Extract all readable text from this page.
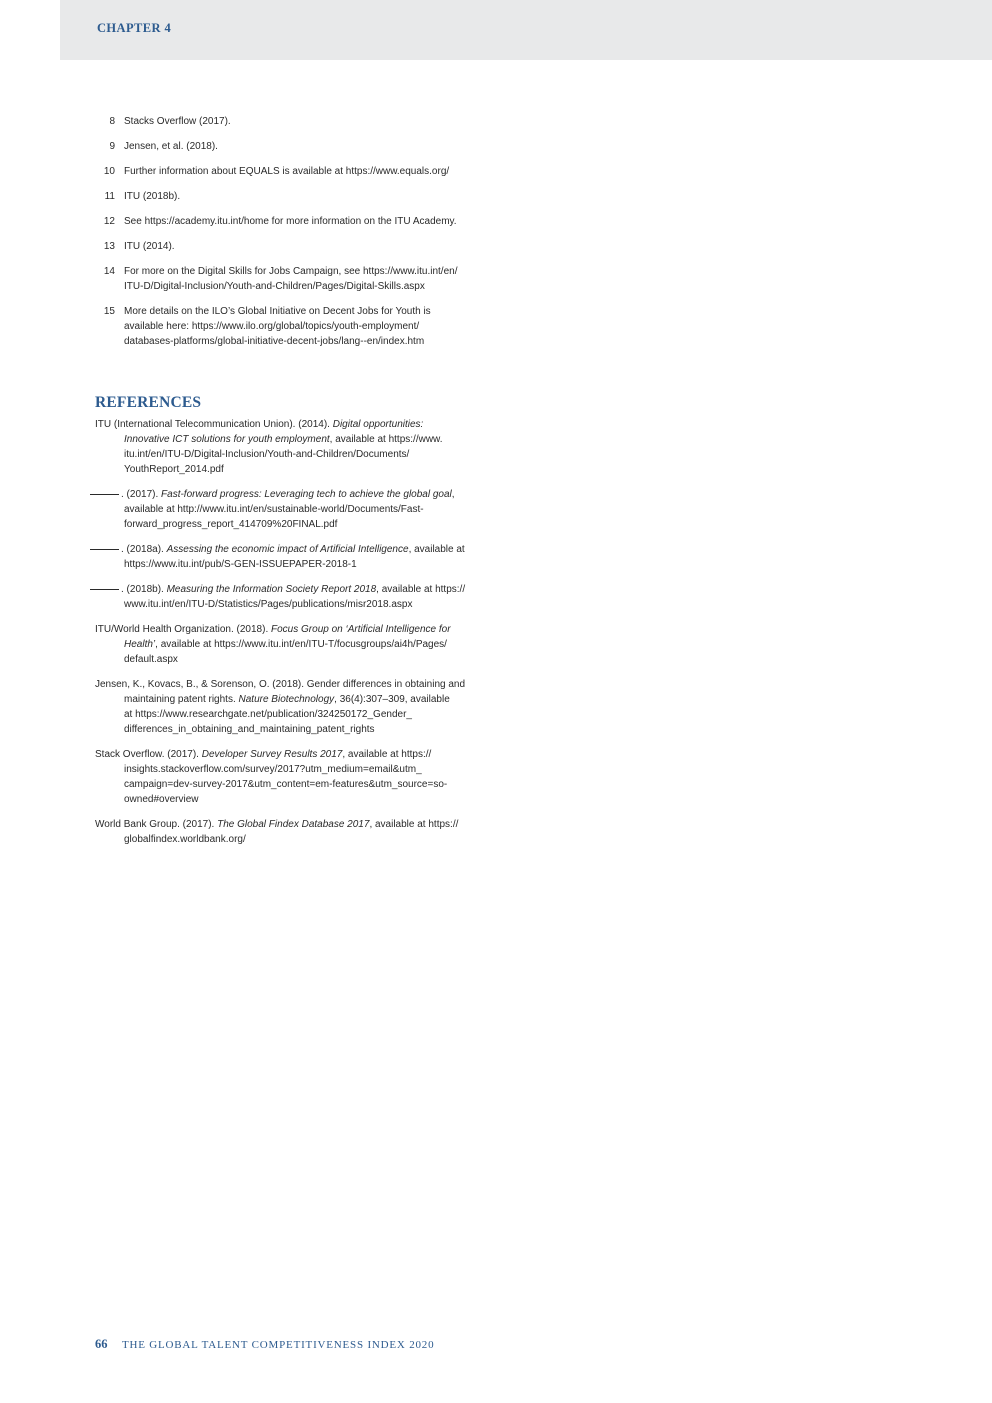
CHAPTER 4
8 Stacks Overflow (2017).
9 Jensen, et al. (2018).
10 Further information about EQUALS is available at https://www.equals.org/
11 ITU (2018b).
12 See https://academy.itu.int/home for more information on the ITU Academy.
13 ITU (2014).
14 For more on the Digital Skills for Jobs Campaign, see https://www.itu.int/en/
ITU-D/Digital-Inclusion/Youth-and-Children/Pages/Digital-Skills.aspx
15 More details on the ILO’s Global Initiative on Decent Jobs for Youth is
available here: https://www.ilo.org/global/topics/youth-employment/
databases-platforms/global-initiative-decent-jobs/lang--en/index.htm
REFERENCES
ITU (International Telecommunication Union). (2014). Digital opportunities:
Innovative ICT solutions for youth employment, available at https://www.
itu.int/en/ITU-D/Digital-Inclusion/Youth-and-Children/Documents/
YouthReport_2014.pdf
. (2017). Fast-forward progress: Leveraging tech to achieve the global goal,
available at http://www.itu.int/en/sustainable-world/Documents/Fast-
forward_progress_report_414709%20FINAL.pdf
. (2018a). Assessing the economic impact of Artificial Intelligence, available at
https://www.itu.int/pub/S-GEN-ISSUEPAPER-2018-1
. (2018b). Measuring the Information Society Report 2018, available at https://
www.itu.int/en/ITU-D/Statistics/Pages/publications/misr2018.aspx
ITU/World Health Organization. (2018). Focus Group on ‘Artificial Intelligence for
Health’, available at https://www.itu.int/en/ITU-T/focusgroups/ai4h/Pages/
default.aspx
Jensen, K., Kovacs, B., & Sorenson, O. (2018). Gender differences in obtaining and
maintaining patent rights. Nature Biotechnology, 36(4):307–309, available
at https://www.researchgate.net/publication/324250172_Gender_
differences_in_obtaining_and_maintaining_patent_rights
Stack Overflow. (2017). Developer Survey Results 2017, available at https://
insights.stackoverflow.com/survey/2017?utm_medium=email&utm_
campaign=dev-survey-2017&utm_content=em-features&utm_source=so-
owned#overview
World Bank Group. (2017). The Global Findex Database 2017, available at https://
globalfindex.worldbank.org/
66 THE GLOBAL TALENT COMPETITIVENESS INDEX 2020
